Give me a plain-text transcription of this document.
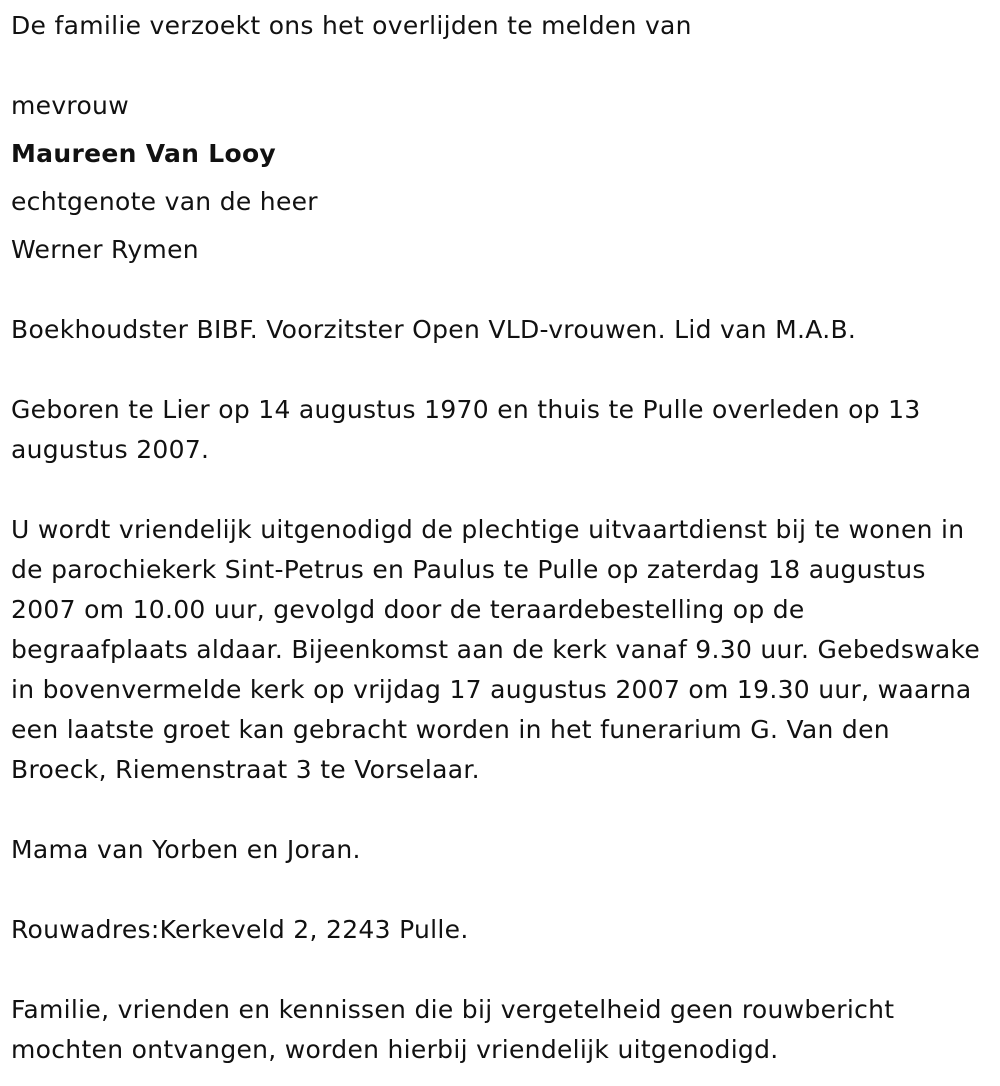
De familie verzoekt ons het overlijden te melden van
mevrouw
Maureen Van Looy
echtgenote van de heer
Werner Rymen
Boekhoudster BIBF. Voorzitster Open VLD-vrouwen. Lid van M.A.B.
Geboren te Lier op 14 augustus 1970 en thuis te Pulle overleden op 13 augustus 2007.
U wordt vriendelijk uitgenodigd de plechtige uitvaartdienst bij te wonen in de parochiekerk Sint-Petrus en Paulus te Pulle op zaterdag 18 augustus 2007 om 10.00 uur, gevolgd door de teraardebestelling op de begraafplaats aldaar. Bijeenkomst aan de kerk vanaf 9.30 uur. Gebedswake in bovenvermelde kerk op vrijdag 17 augustus 2007 om 19.30 uur, waarna een laatste groet kan gebracht worden in het funerarium G. Van den Broeck, Riemenstraat 3 te Vorselaar.
Mama van Yorben en Joran.
Rouwadres:Kerkeveld 2, 2243 Pulle.
Familie, vrienden en kennissen die bij vergetelheid geen rouwbericht mochten ontvangen, worden hierbij vriendelijk uitgenodigd.
